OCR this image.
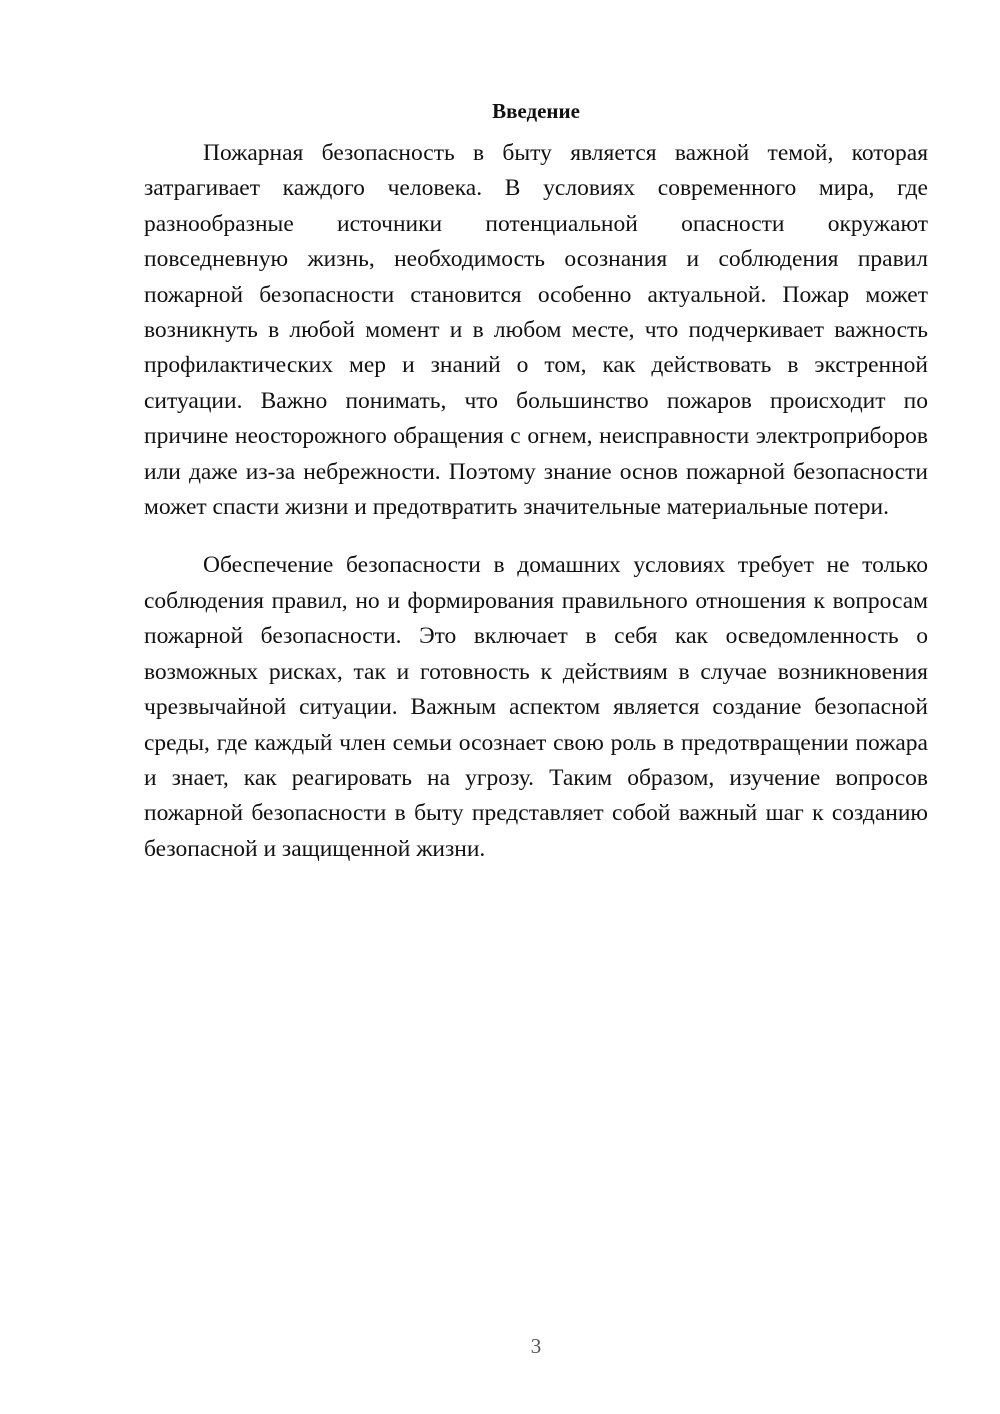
Введение

Пожарная безопасность в быту является важной темой, которая затрагивает каждого человека. В условиях современного мира, где разнообразные источники потенциальной опасности окружают повседневную жизнь, необходимость осознания и соблюдения правил пожарной безопасности становится особенно актуальной. Пожар может возникнуть в любой момент и в любом месте, что подчеркивает важность профилактических мер и знаний о том, как действовать в экстренной ситуации. Важно понимать, что большинство пожаров происходит по причине неосторожного обращения с огнем, неисправности электроприборов или даже из-за небрежности. Поэтому знание основ пожарной безопасности может спасти жизни и предотвратить значительные материальные потери.

Обеспечение безопасности в домашних условиях требует не только соблюдения правил, но и формирования правильного отношения к вопросам пожарной безопасности. Это включает в себя как осведомленность о возможных рисках, так и готовность к действиям в случае возникновения чрезвычайной ситуации. Важным аспектом является создание безопасной среды, где каждый член семьи осознает свою роль в предотвращении пожара и знает, как реагировать на угрозу. Таким образом, изучение вопросов пожарной безопасности в быту представляет собой важный шаг к созданию безопасной и защищенной жизни.

3
